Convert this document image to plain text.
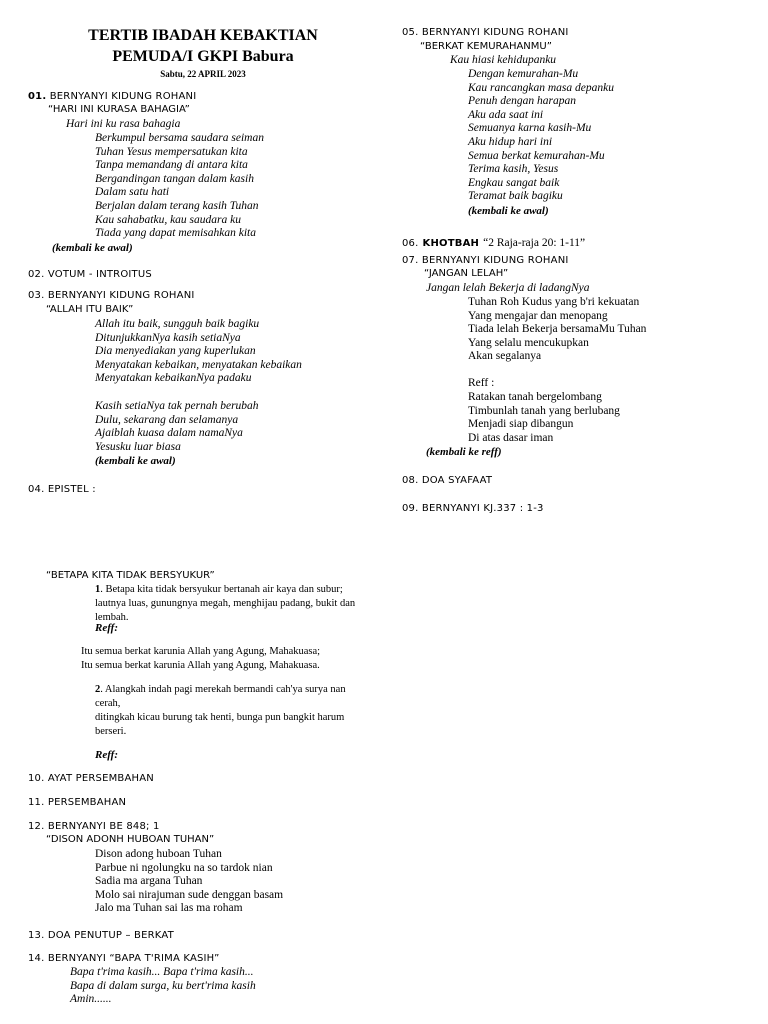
TERTIB IBADAH KEBAKTIAN
PEMUDA/I GKPI Babura
Sabtu, 22 APRIL 2023
01. BERNYANYI KIDUNG ROHANI
“HARI INI KURASA BAHAGIA”
Hari ini ku rasa bahagia
Berkumpul bersama saudara seiman
Tuhan Yesus mempersatukan kita
Tanpa memandang di antara kita
Bergandingan tangan dalam kasih
Dalam satu hati
Berjalan dalam terang kasih Tuhan
Kau sahabatku, kau saudara ku
Tiada yang dapat memisahkan kita
(kembali ke awal)
02. VOTUM - INTROITUS
03. BERNYANYI KIDUNG ROHANI
“ALLAH ITU BAIK”
Allah itu baik, sungguh baik bagiku
DitunjukkanNya kasih setiaNya
Dia menyediakan yang kuperlukan
Menyatakan kebaikan, menyatakan kebaikan
Menyatakan kebaikanNya padaku
Kasih setiaNya tak pernah berubah
Dulu, sekarang dan selamanya
Ajaiblah kuasa dalam namaNya
Yesusku luar biasa
(kembali ke awal)
04. EPISTEL :
“BETAPA KITA TIDAK BERSYUKUR”
1. Betapa kita tidak bersyukur bertanah air kaya dan subur;
lautnya luas, gunungnya megah, menghijau padang, bukit dan
lembah.
Reff:
Itu semua berkat karunia Allah yang Agung, Mahakuasa;
Itu semua berkat karunia Allah yang Agung, Mahakuasa.
2. Alangkah indah pagi merekah bermandi cah'ya surya nan
cerah,
ditingkah kicau burung tak henti, bunga pun bangkit harum
berseri.
Reff:
10. AYAT PERSEMBAHAN
11. PERSEMBAHAN
12. BERNYANYI BE 848; 1
“DISON ADONH HUBOAN TUHAN”
Dison adong huboan Tuhan
Parbue ni ngolungku na so tardok nian
Sadia ma argana Tuhan
Molo sai nirajuman sude denggan basam
Jalo ma Tuhan sai las ma roham
13. DOA PENUTUP – BERKAT
14. BERNYANYI “BAPA T'RIMA KASIH”
Bapa t'rima kasih... Bapa t'rima kasih...
Bapa di dalam surga, ku bert'rima kasih
Amin......
05. BERNYANYI KIDUNG ROHANI
“BERKAT KEMURAHANMU”
Kau hiasi kehidupanku
Dengan kemurahan-Mu
Kau rancangkan masa depanku
Penuh dengan harapan
Aku ada saat ini
Semuanya karna kasih-Mu
Aku hidup hari ini
Semua berkat kemurahan-Mu
Terima kasih, Yesus
Engkau sangat baik
Teramat baik bagiku
(kembali ke awal)
06. KHOTBAH “2 Raja-raja 20: 1-11”
07. BERNYANYI KIDUNG ROHANI
“JANGAN LELAH”
Jangan lelah Bekerja di ladangNya
Tuhan Roh Kudus yang b'ri kekuatan
Yang mengajar dan menopang
Tiada lelah Bekerja bersamaMu Tuhan
Yang selalu mencukupkan
Akan segalanya
Reff :
Ratakan tanah bergelombang
Timbunlah tanah yang berlubang
Menjadi siap dibangun
Di atas dasar iman
(kembali ke reff)
08. DOA SYAFAAT
09. BERNYANYI KJ.337 : 1-3
